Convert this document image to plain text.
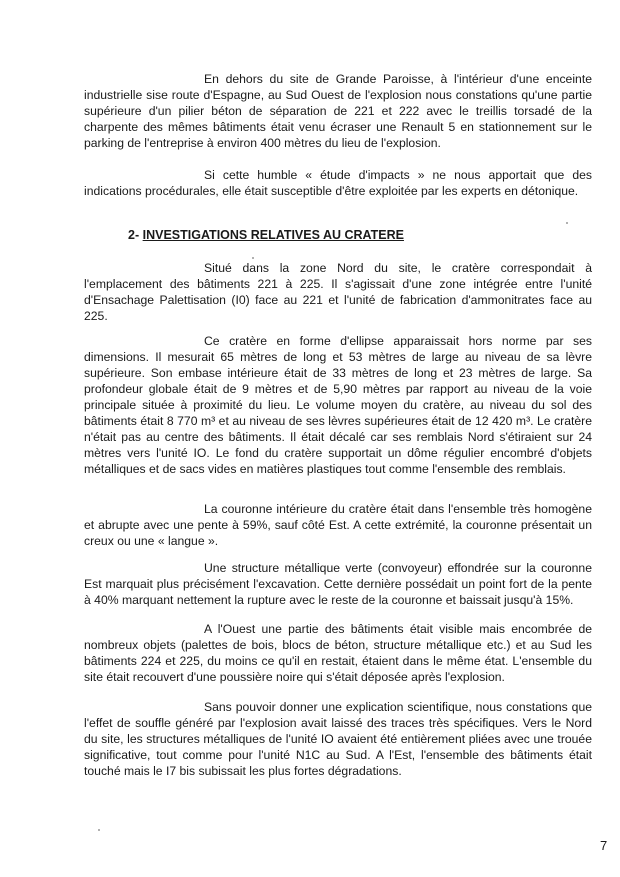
En dehors du site de Grande Paroisse, à l'intérieur d'une enceinte industrielle sise route d'Espagne, au Sud Ouest de l'explosion nous constations qu'une partie supérieure d'un pilier béton de séparation de 221 et 222 avec le treillis torsadé de la charpente des mêmes bâtiments était venu écraser une Renault 5 en stationnement sur le parking de l'entreprise à environ 400 mètres du lieu de l'explosion.

Si cette humble « étude d'impacts » ne nous apportait que des indications procédurales, elle était susceptible d'être exploitée par les experts en détonique.

2- INVESTIGATIONS RELATIVES AU CRATERE

Situé dans la zone Nord du site, le cratère correspondait à l'emplacement des bâtiments 221 à 225. Il s'agissait d'une zone intégrée entre l'unité d'Ensachage Palettisation (I0) face au 221 et l'unité de fabrication d'ammonitrates face au 225.

Ce cratère en forme d'ellipse apparaissait hors norme par ses dimensions. Il mesurait 65 mètres de long et 53 mètres de large au niveau de sa lèvre supérieure. Son embase intérieure était de 33 mètres de long et 23 mètres de large. Sa profondeur globale était de 9 mètres et de 5,90 mètres par rapport au niveau de la voie principale située à proximité du lieu. Le volume moyen du cratère, au niveau du sol des bâtiments était 8 770 m³ et au niveau de ses lèvres supérieures était de 12 420 m³. Le cratère n'était pas au centre des bâtiments. Il était décalé car ses remblais Nord s'étiraient sur 24 mètres vers l'unité IO. Le fond du cratère supportait un dôme régulier encombré d'objets métalliques et de sacs vides en matières plastiques tout comme l'ensemble des remblais.

La couronne intérieure du cratère était dans l'ensemble très homogène et abrupte avec une pente à 59%, sauf côté Est. A cette extrémité, la couronne présentait un creux ou une « langue ».

Une structure métallique verte (convoyeur) effondrée sur la couronne Est marquait plus précisément l'excavation. Cette dernière possédait un point fort de la pente à 40% marquant nettement la rupture avec le reste de la couronne et baissait jusqu'à 15%.

A l'Ouest une partie des bâtiments était visible mais encombrée de nombreux objets (palettes de bois, blocs de béton, structure métallique etc.) et au Sud les bâtiments 224 et 225, du moins ce qu'il en restait, étaient dans le même état. L'ensemble du site était recouvert d'une poussière noire qui s'était déposée après l'explosion.

Sans pouvoir donner une explication scientifique, nous constations que l'effet de souffle généré par l'explosion avait laissé des traces très spécifiques. Vers le Nord du site, les structures métalliques de l'unité IO avaient été entièrement pliées avec une trouée significative, tout comme pour l'unité N1C au Sud. A l'Est, l'ensemble des bâtiments était touché mais le I7 bis subissait les plus fortes dégradations.

7
